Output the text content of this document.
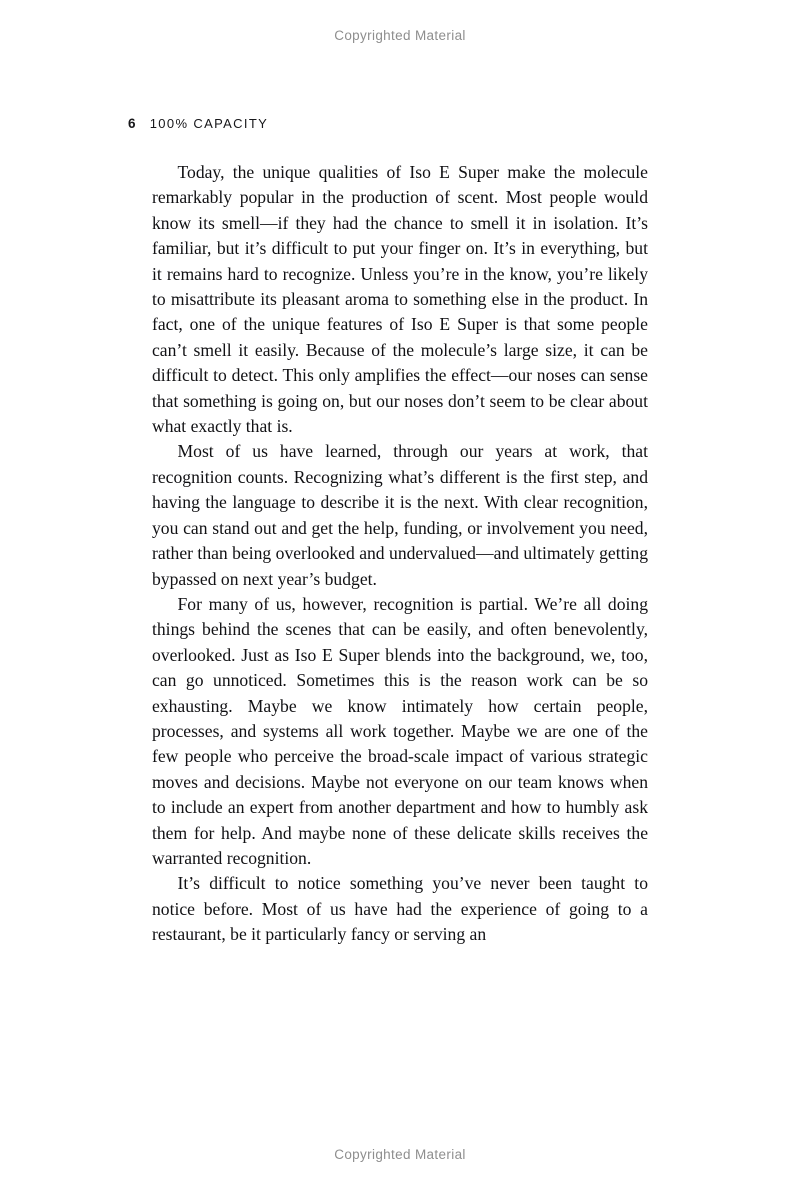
Copyrighted Material
6 100% CAPACITY

Today, the unique qualities of Iso E Super make the molecule remarkably popular in the production of scent. Most people would know its smell—if they had the chance to smell it in isolation. It’s familiar, but it’s difficult to put your finger on. It’s in everything, but it remains hard to recognize. Unless you’re in the know, you’re likely to misattribute its pleasant aroma to something else in the product. In fact, one of the unique features of Iso E Super is that some people can’t smell it easily. Because of the molecule’s large size, it can be difficult to detect. This only amplifies the effect—our noses can sense that something is going on, but our noses don’t seem to be clear about what exactly that is.

Most of us have learned, through our years at work, that recognition counts. Recognizing what’s different is the first step, and having the language to describe it is the next. With clear recognition, you can stand out and get the help, funding, or involvement you need, rather than being overlooked and undervalued—and ultimately getting bypassed on next year’s budget.

For many of us, however, recognition is partial. We’re all doing things behind the scenes that can be easily, and often benevolently, overlooked. Just as Iso E Super blends into the background, we, too, can go unnoticed. Sometimes this is the reason work can be so exhausting. Maybe we know intimately how certain people, processes, and systems all work together. Maybe we are one of the few people who perceive the broad-scale impact of various strategic moves and decisions. Maybe not everyone on our team knows when to include an expert from another department and how to humbly ask them for help. And maybe none of these delicate skills receives the warranted recognition.

It’s difficult to notice something you’ve never been taught to notice before. Most of us have had the experience of going to a restaurant, be it particularly fancy or serving an

Copyrighted Material
